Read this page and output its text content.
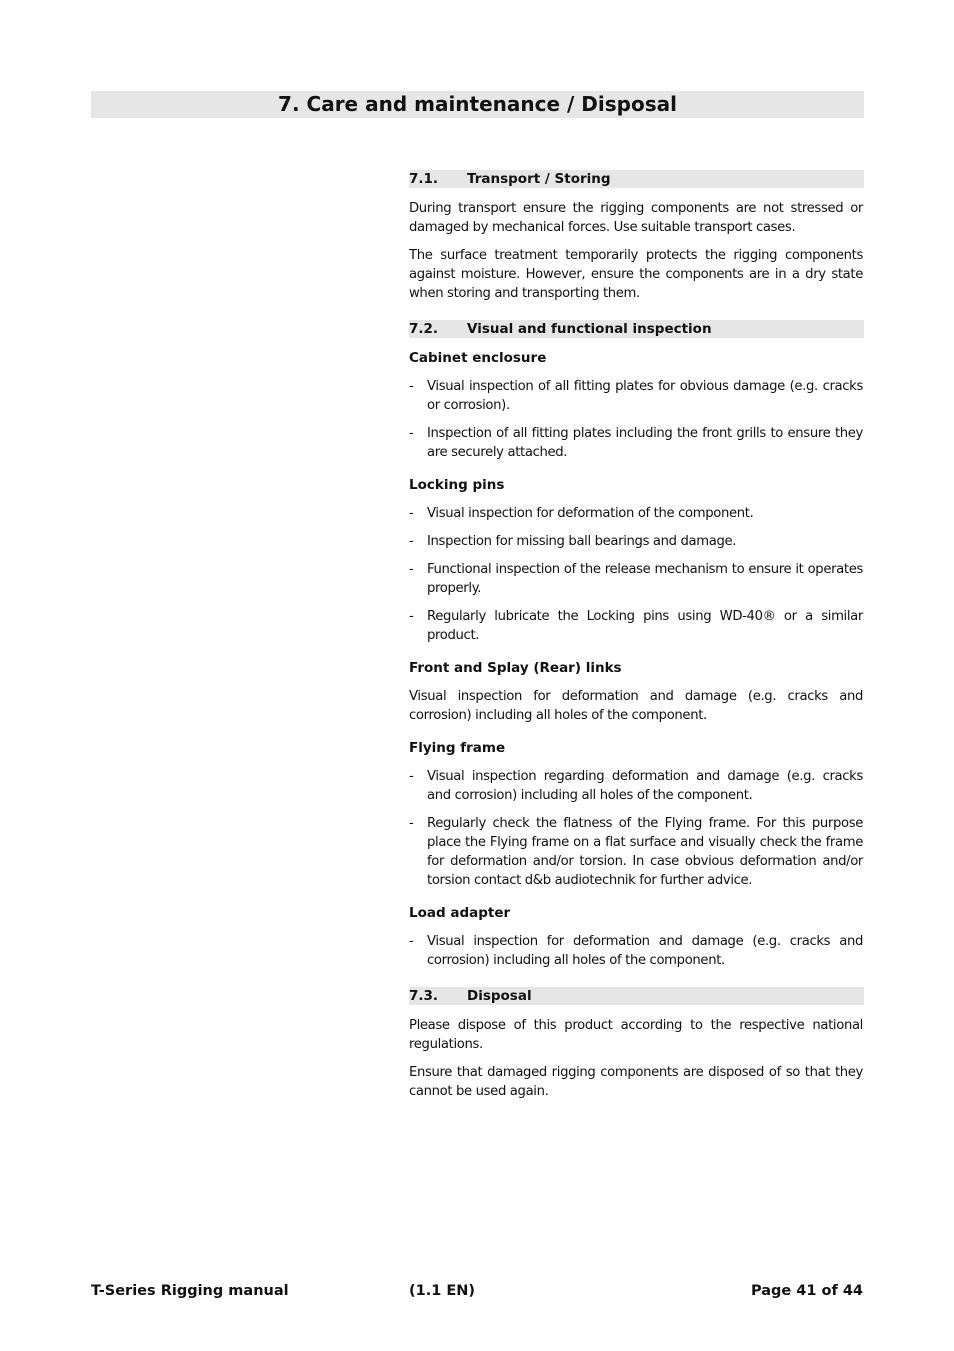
7. Care and maintenance / Disposal
7.1. Transport / Storing

During transport ensure the rigging components are not stressed or damaged by mechanical forces. Use suitable transport cases.

The surface treatment temporarily protects the rigging components against moisture. However, ensure the components are in a dry state when storing and transporting them.

7.2. Visual and functional inspection
Cabinet enclosure
- Visual inspection of all fitting plates for obvious damage (e.g. cracks or corrosion).
- Inspection of all fitting plates including the front grills to ensure they are securely attached.
Locking pins
- Visual inspection for deformation of the component.
- Inspection for missing ball bearings and damage.
- Functional inspection of the release mechanism to ensure it operates properly.
- Regularly lubricate the Locking pins using WD-40® or a similar product.
Front and Splay (Rear) links

Visual inspection for deformation and damage (e.g. cracks and corrosion) including all holes of the component.

Flying frame
- Visual inspection regarding deformation and damage (e.g. cracks and corrosion) including all holes of the component.
- Regularly check the flatness of the Flying frame. For this purpose place the Flying frame on a flat surface and visually check the frame for deformation and/or torsion. In case obvious deformation and/or torsion contact d&b audiotechnik for further advice.
Load adapter
- Visual inspection for deformation and damage (e.g. cracks and corrosion) including all holes of the component.
7.3. Disposal

Please dispose of this product according to the respective national regulations.

Ensure that damaged rigging components are disposed of so that they cannot be used again.

T-Series Rigging manual	(1.1 EN)	Page 41 of 44
